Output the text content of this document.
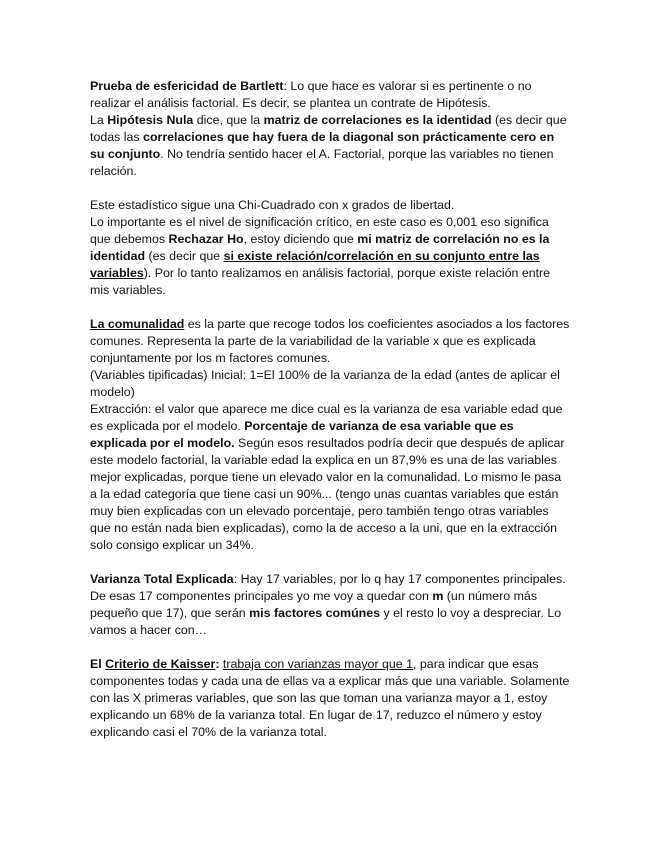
Prueba de esfericidad de Bartlett: Lo que hace es valorar si es pertinente o no realizar el análisis factorial. Es decir, se plantea un contrate de Hipótesis.

La Hipótesis Nula dice, que la matriz de correlaciones es la identidad (es decir que todas las correlaciones que hay fuera de la diagonal son prácticamente cero en su conjunto. No tendría sentido hacer el A. Factorial, porque las variables no tienen relación.

Este estadístico sigue una Chi-Cuadrado con x grados de libertad.

Lo importante es el nivel de significación crítico, en este caso es 0,001 eso significa que debemos Rechazar Ho, estoy diciendo que mi matriz de correlación no es la identidad (es decir que si existe relación/correlación en su conjunto entre las variables). Por lo tanto realizamos en análisis factorial, porque existe relación entre mis variables.

La comunalidad es la parte que recoge todos los coeficientes asociados a los factores comunes. Representa la parte de la variabilidad de la variable x que es explicada conjuntamente por los m factores comunes.

(Variables tipificadas) Inicial: 1=El 100% de la varianza de la edad (antes de aplicar el modelo)

Extracción: el valor que aparece me dice cual es la varianza de esa variable edad que es explicada por el modelo. Porcentaje de varianza de esa variable que es explicada por el modelo. Según esos resultados podría decir que después de aplicar este modelo factorial, la variable edad la explica en un 87,9% es una de las variables mejor explicadas, porque tiene un elevado valor en la comunalidad. Lo mismo le pasa a la edad categoría que tiene casi un 90%... (tengo unas cuantas variables que están muy bien explicadas con un elevado porcentaje, pero también tengo otras variables que no están nada bien explicadas), como la de acceso a la uni, que en la extracción solo consigo explicar un 34%.

Varianza Total Explicada: Hay 17 variables, por lo q hay 17 componentes principales.

De esas 17 componentes principales yo me voy a quedar con m (un número más pequeño que 17), que serán mis factores comúnes y el resto lo voy a despreciar. Lo vamos a hacer con…

El Criterio de Kaisser: trabaja con varianzas mayor que 1, para indicar que esas componentes todas y cada una de ellas va a explicar más que una variable. Solamente con las X primeras variables, que son las que toman una varianza mayor a 1, estoy explicando un 68% de la varianza total. En lugar de 17, reduzco el número y estoy explicando casi el 70% de la varianza total.
